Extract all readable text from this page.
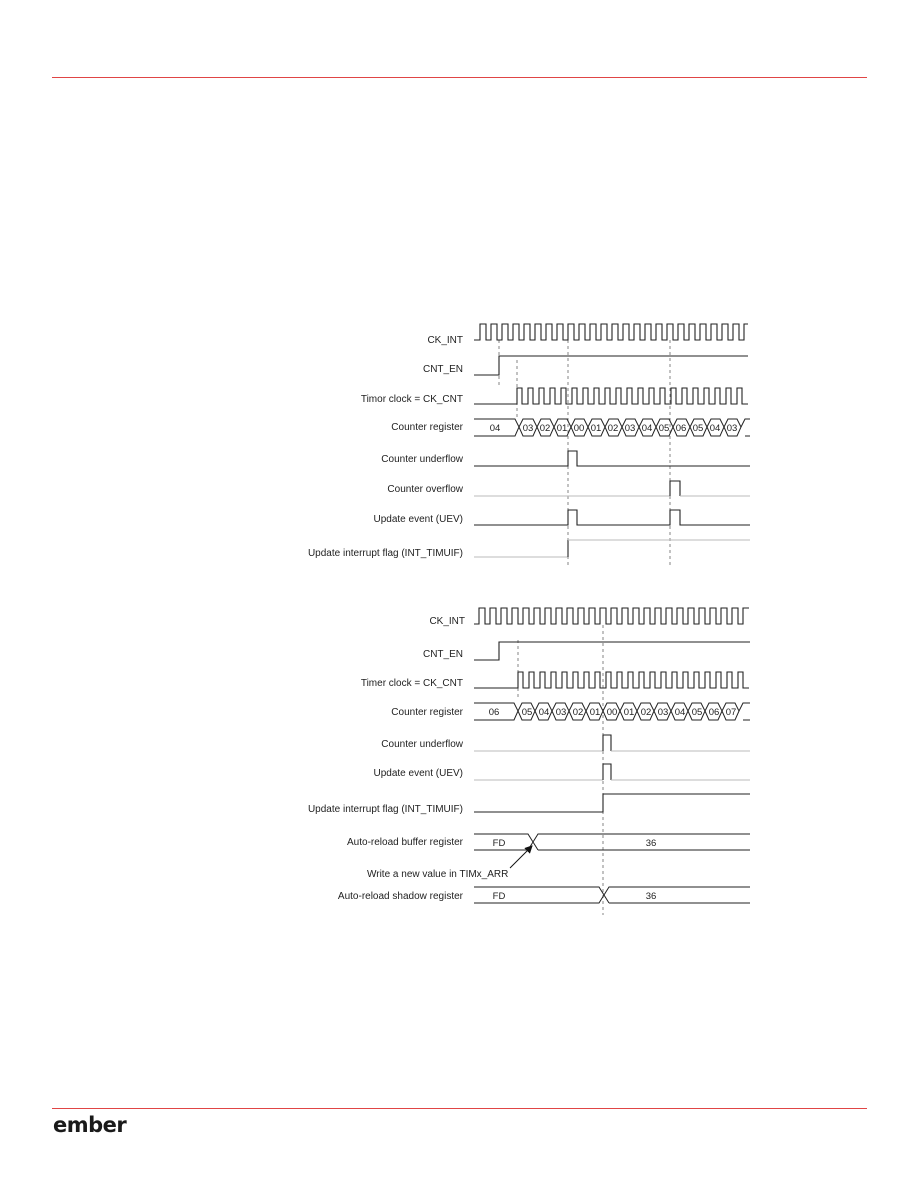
CK_INT
CNT_EN
Timor clock = CK_CNT
Counter register
Counter underflow
Counter overflow
Update event (UEV)
Update interrupt flag (INT_TIMUIF)
04 03 02 01 00 01 02 03 04 05 06 05 04 03
CK_INT
CNT_EN
Timer clock = CK_CNT
Counter register
Counter underflow
Update event (UEV)
Update interrupt flag (INT_TIMUIF)
Auto-reload buffer register
Auto-reload shadow register
06 05 04 03 02 01 00 01 02 03 04 05 06 07
FD	36
Write a new value in TIMx_ARR
FD	36
ember
